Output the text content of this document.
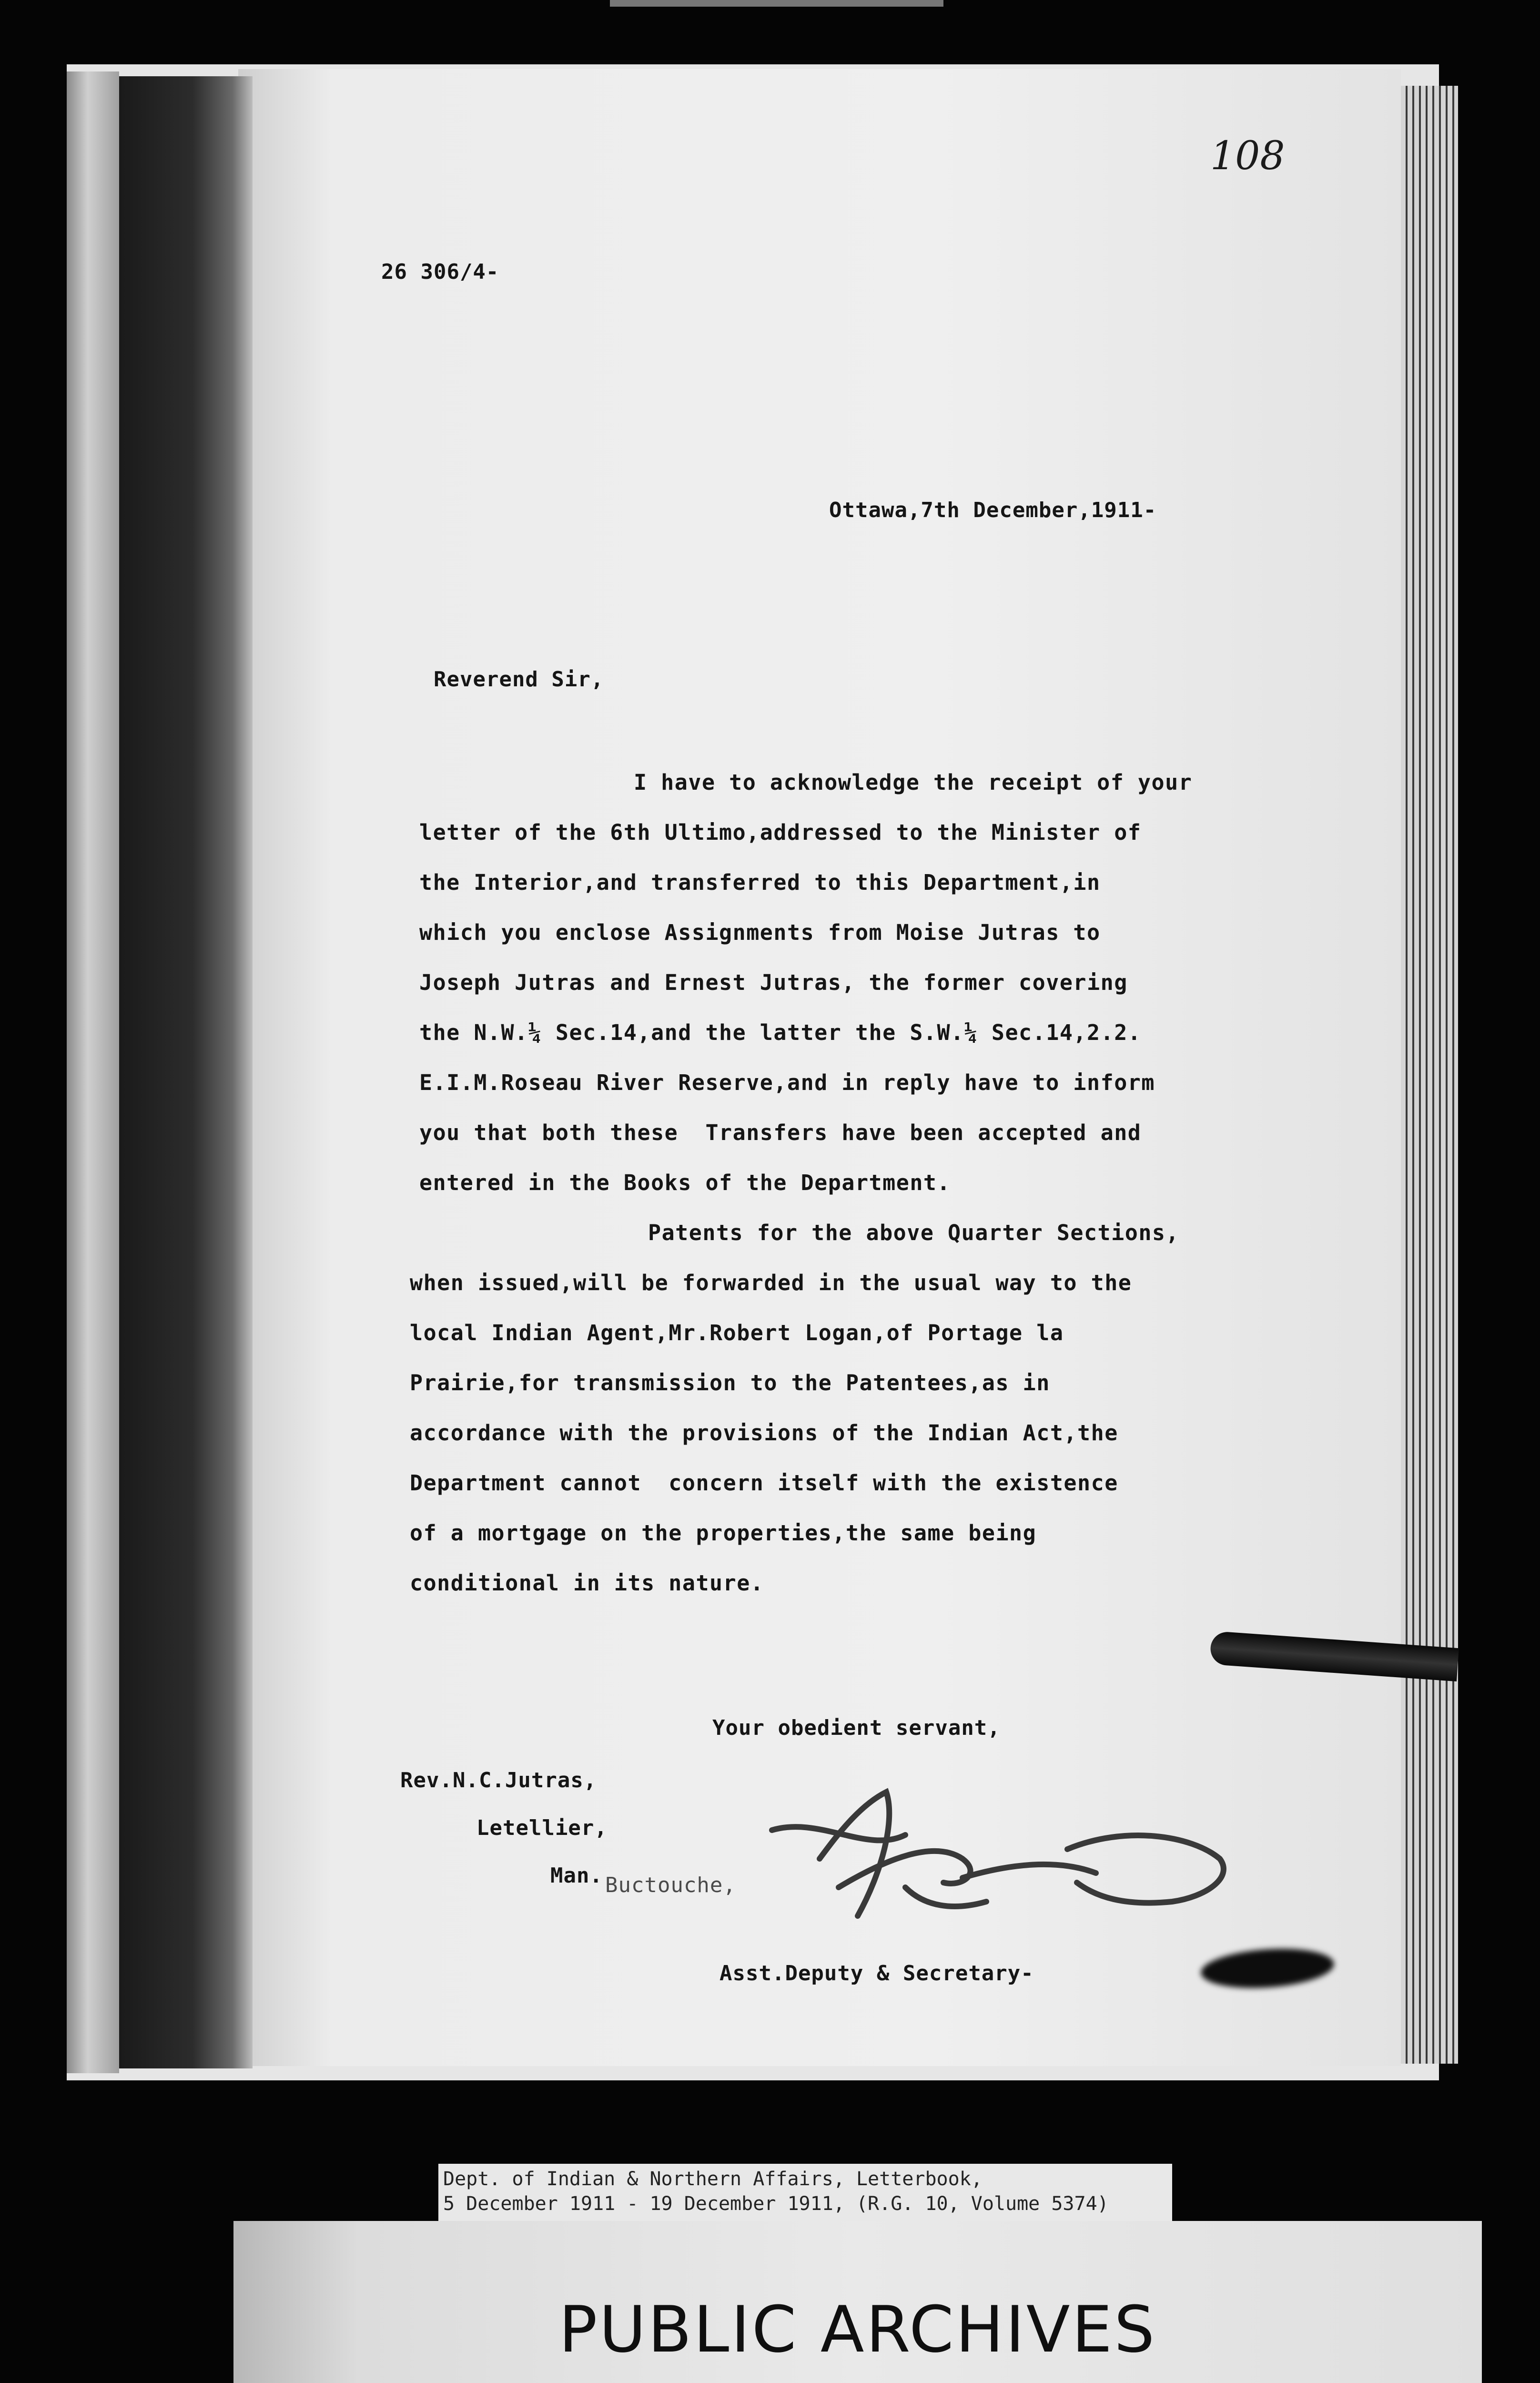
108
26 306/4-
Ottawa,7th December,1911-
Reverend Sir,
I have to acknowledge the receipt of your
letter of the 6th Ultimo,addressed to the Minister of
the Interior,and transferred to this Department,in
which you enclose Assignments from Moise Jutras to
Joseph Jutras and Ernest Jutras, the former covering
the N.W.¼ Sec.14,and the latter the S.W.¼ Sec.14,2.2.
E.I.M.Roseau River Reserve,and in reply have to inform
you that both these  Transfers have been accepted and
entered in the Books of the Department.
Patents for the above Quarter Sections,
when issued,will be forwarded in the usual way to the
local Indian Agent,Mr.Robert Logan,of Portage la
Prairie,for transmission to the Patentees,as in
accordance with the provisions of the Indian Act,the
Department cannot  concern itself with the existence
of a mortgage on the properties,the same being
conditional in its nature.
Your obedient servant,
Rev.N.C.Jutras,
Letellier,
Man. Buctouche,
Asst.Deputy & Secretary-
Dept. of Indian & Northern Affairs, Letterbook,
5 December 1911 - 19 December 1911, (R.G. 10, Volume 5374)
PUBLIC ARCHIVES
